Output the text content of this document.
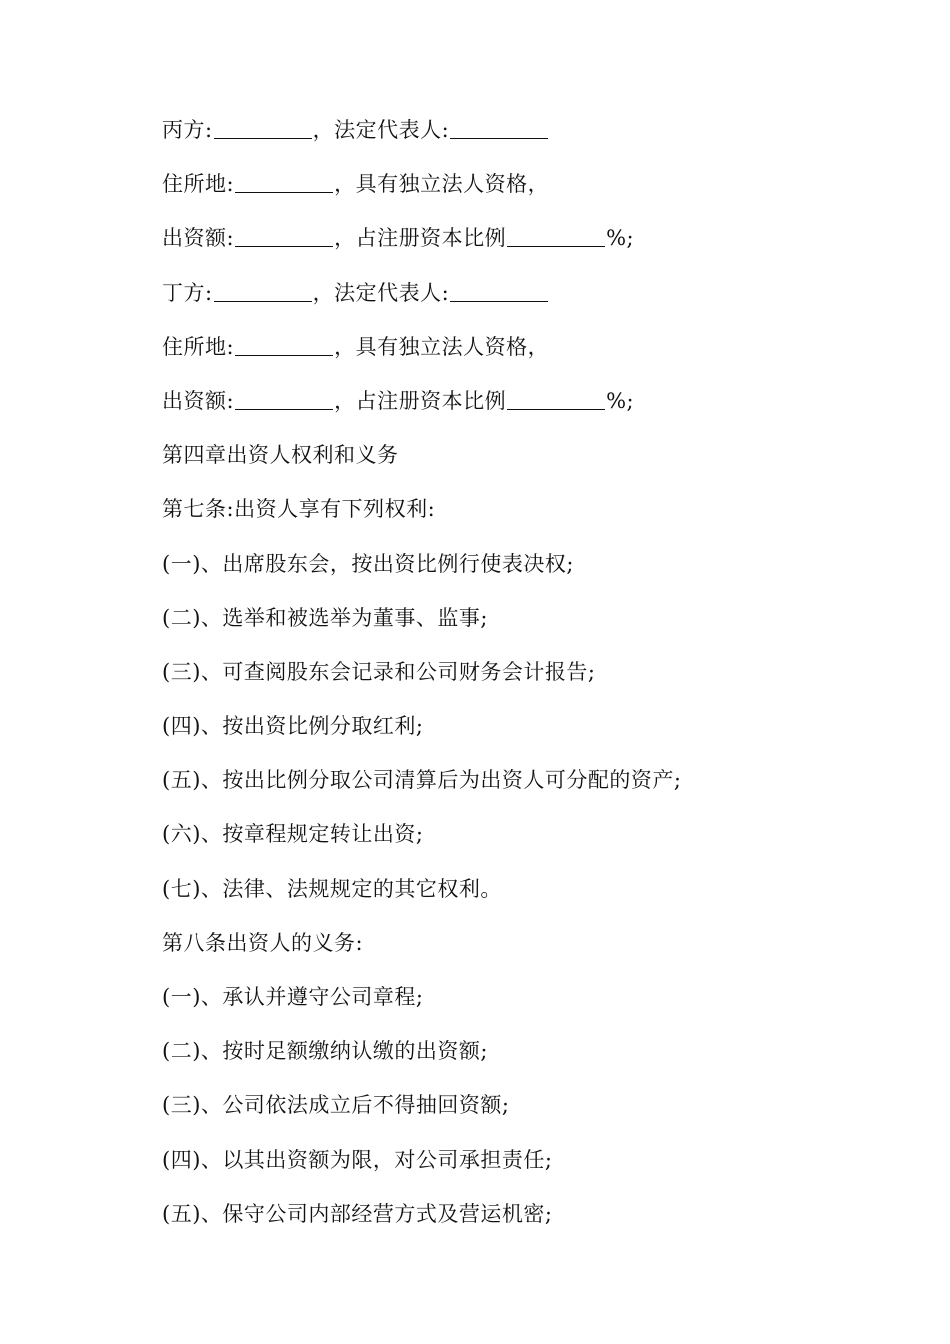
丙方:	，法定代表人:
住所地:	，具有独立法人资格，
出资额:	，占注册资本比例	%;
丁方:	，法定代表人:
住所地:	，具有独立法人资格，
出资额:	，占注册资本比例	%;
第四章出资人权利和义务
第七条:出资人享有下列权利:
(一)、出席股东会，按出资比例行使表决权;
(二)、选举和被选举为董事、监事;
(三)、可查阅股东会记录和公司财务会计报告;
(四)、按出资比例分取红利;
(五)、按出比例分取公司清算后为出资人可分配的资产;
(六)、按章程规定转让出资;
(七)、法律、法规规定的其它权利。
第八条出资人的义务:
(一)、承认并遵守公司章程;
(二)、按时足额缴纳认缴的出资额;
(三)、公司依法成立后不得抽回资额;
(四)、以其出资额为限，对公司承担责任;
(五)、保守公司内部经营方式及营运机密;
